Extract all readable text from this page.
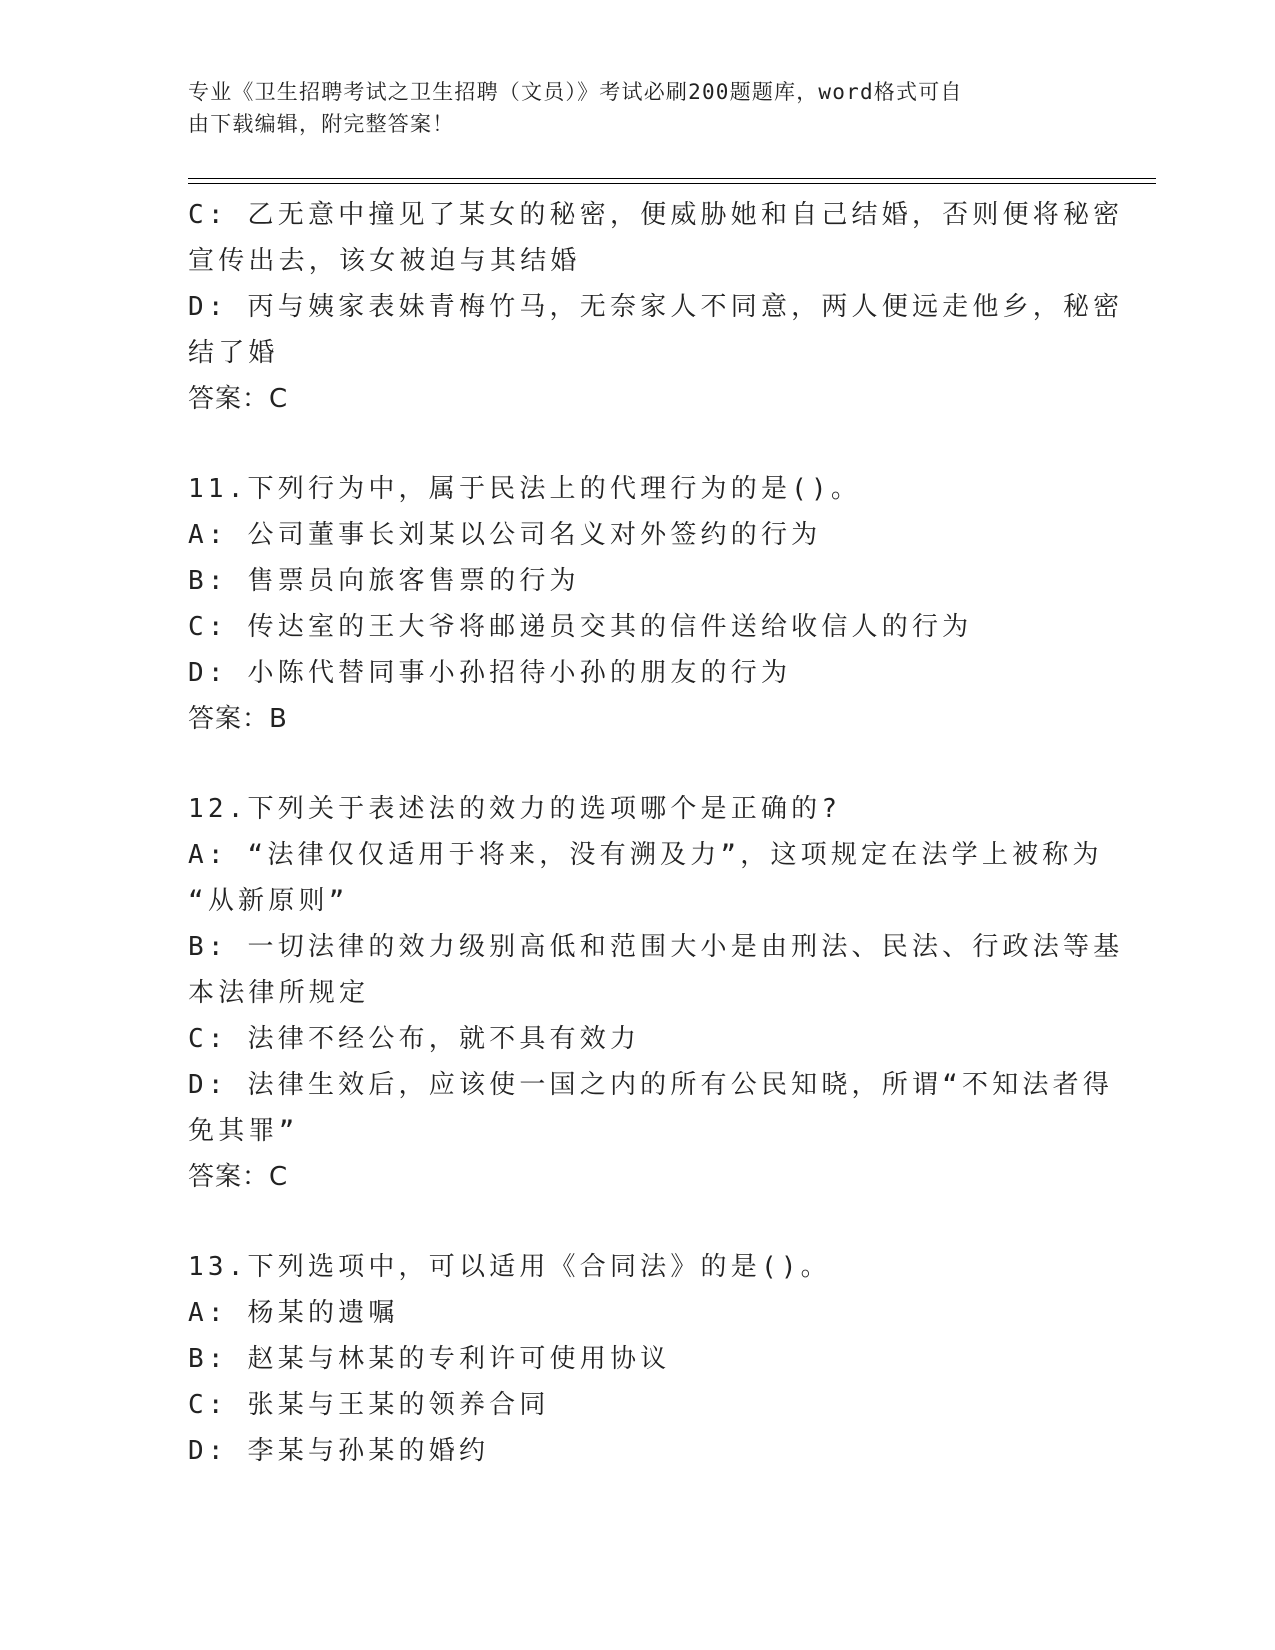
专业《卫生招聘考试之卫生招聘（文员）》考试必刷200题题库，word格式可自
由下载编辑，附完整答案！
C: 乙无意中撞见了某女的秘密，便威胁她和自己结婚，否则便将秘密
宣传出去，该女被迫与其结婚
D: 丙与姨家表妹青梅竹马，无奈家人不同意，两人便远走他乡，秘密
结了婚
答案：C
11.下列行为中，属于民法上的代理行为的是()。
A: 公司董事长刘某以公司名义对外签约的行为
B: 售票员向旅客售票的行为
C: 传达室的王大爷将邮递员交其的信件送给收信人的行为
D: 小陈代替同事小孙招待小孙的朋友的行为
答案：B
12.下列关于表述法的效力的选项哪个是正确的?
A: “法律仅仅适用于将来，没有溯及力”，这项规定在法学上被称为
“从新原则”
B: 一切法律的效力级别高低和范围大小是由刑法、民法、行政法等基
本法律所规定
C: 法律不经公布，就不具有效力
D: 法律生效后，应该使一国之内的所有公民知晓，所谓“不知法者得
免其罪”
答案：C
13.下列选项中，可以适用《合同法》的是()。
A: 杨某的遗嘱
B: 赵某与林某的专利许可使用协议
C: 张某与王某的领养合同
D: 李某与孙某的婚约
